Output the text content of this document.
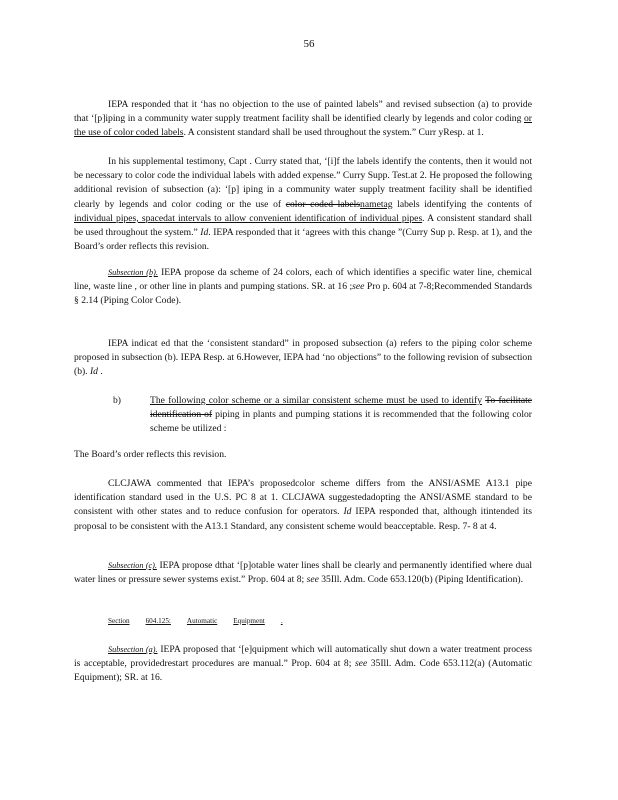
56

IEPA responded that it ‘has no objection to the use of painted labels” and revised subsection (a) to provide that ‘[p]iping in a community water supply treatment facility shall be identified clearly by legends and color coding or the use of color coded labels. A consistent standard shall be used throughout the system.” Curr yResp. at 1.

In his supplemental testimony, Capt . Curry stated that, ‘[i]f the labels identify the contents, then it would not be necessary to color code the individual labels with added expense.” Curry Supp. Test.at 2. He proposed the following additional revision of subsection (a): ‘[p] iping in a community water supply treatment facility shall be identified clearly by legends and color coding or the use of color coded labelsnametag labels identifying the contents of individual pipes, spacedat intervals to allow convenient identification of individual pipes. A consistent standard shall be used throughout the system.” Id. IEPA responded that it ‘agrees with this change ”(Curry Sup p. Resp. at 1), and the Board’s order reflects this revision.

Subsection (b). IEPA propose da scheme of 24 colors, each of which identifies a specific water line, chemical line, waste line , or other line in plants and pumping stations. SR. at 16 ;see Pro p. 604 at 7-8;Recommended Standards § 2.14 (Piping Color Code).

IEPA indicat ed that the ‘consistent standard” in proposed subsection (a) refers to the piping color scheme proposed in subsection (b). IEPA Resp. at 6.However, IEPA had ‘no objections” to the following revision of subsection (b). Id .

b)	The following color scheme or a similar consistent scheme must be used to identify To facilitate identification of piping in plants and pumping stations it is recommended that the following color scheme be utilized :

The Board’s order reflects this revision.

CLCJAWA commented that IEPA’s proposedcolor scheme differs from the ANSI/ASME A13.1 pipe identification standard used in the U.S. PC 8 at 1. CLCJAWA suggestedadopting the ANSI/ASME standard to be consistent with other states and to reduce confusion for operators. Id IEPA responded that, although itintended its proposal to be consistent with the A13.1 Standard, any consistent scheme would beacceptable. Resp. 7- 8 at 4.

Subsection (c). IEPA propose dthat ‘[p]otable water lines shall be clearly and permanently identified where dual water lines or pressure sewer systems exist.” Prop. 604 at 8; see 35Ill. Adm. Code 653.120(b) (Piping Identification).

Section 604.125: Automatic Equipment .

Subsection (a). IEPA proposed that ‘[e]quipment which will automatically shut down a water treatment process is acceptable, providedrestart procedures are manual.” Prop. 604 at 8; see 35Ill. Adm. Code 653.112(a) (Automatic Equipment); SR. at 16.
